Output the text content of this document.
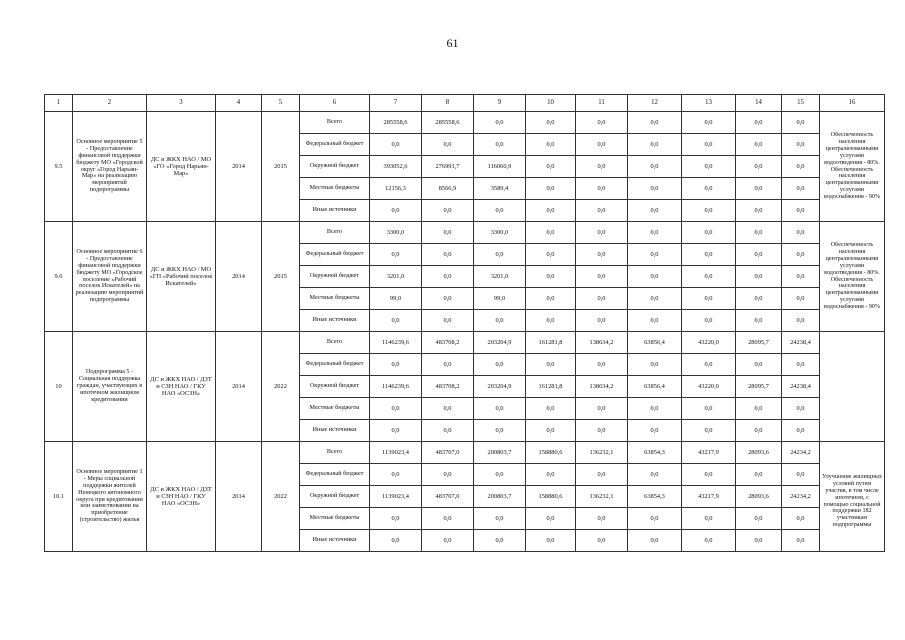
61
1	2	3	4	5	6	7	8	9	10	11	12	13	14	15	16
9.5	Основное мероприятие 5 - Предоставление финансовой поддержки бюджету МО «Городской округ «Город Нарьян-Мар» на реализацию мероприятий подпрограммы	ДС и ЖКХ НАО / МО «ГО «Город Нарьян-Мар»	2014	2015	Всего	285558,6	285558,6	0,0	0,0	0,0	0,0	0,0	0,0	0,0	Обеспеченность населения централизованными услугами водоотведения - 80%. Обеспеченность населения централизованными услугами водоснабжения - 90%
					Федеральный бюджет	0,0	0,0	0,0	0,0	0,0	0,0	0,0	0,0	0,0	
					Окружной бюджет	393052,6	276991,7	116060,9	0,0	0,0	0,0	0,0	0,0	0,0	
					Местные бюджеты	12156,3	8566,9	3589,4	0,0	0,0	0,0	0,0	0,0	0,0	
					Иные источники	0,0	0,0	0,0	0,0	0,0	0,0	0,0	0,0	0,0	
9.6	Основное мероприятие 6 - Предоставление финансовой поддержки бюджету МО «Городское поселение «Рабочий поселок Искателей» на реализацию мероприятий подпрограммы	ДС и ЖКХ НАО / МО «ГП «Рабочий поселок Искателей»	2014	2015	Всего	3300,0	0,0	3300,0	0,0	0,0	0,0	0,0	0,0	0,0	Обеспеченность населения централизованными услугами водоотведения - 80%. Обеспеченность населения централизованными услугами водоснабжения - 90%
					Федеральный бюджет	0,0	0,0	0,0	0,0	0,0	0,0	0,0	0,0	0,0	
					Окружной бюджет	3201,0	0,0	3201,0	0,0	0,0	0,0	0,0	0,0	0,0	
					Местные бюджеты	99,0	0,0	99,0	0,0	0,0	0,0	0,0	0,0	0,0	
					Иные источники	0,0	0,0	0,0	0,0	0,0	0,0	0,0	0,0	0,0	
10	Подпрограмма 5 - Социальная поддержка граждан, участвующих в ипотечном жилищном кредитовании	ДС и ЖКХ НАО / ДЗТ и СЗН НАО / ГКУ НАО «ОСЗН»	2014	2022	Всего	1146239,6	483708,2	203204,9	161281,8	138634,2	63856,4	43220,0	28095,7	24238,4	
					Федеральный бюджет	0,0	0,0	0,0	0,0	0,0	0,0	0,0	0,0	0,0	
					Окружной бюджет	1146239,6	483708,2	203204,9	161281,8	138634,2	63856,4	43220,0	28095,7	24238,4	
					Местные бюджеты	0,0	0,0	0,0	0,0	0,0	0,0	0,0	0,0	0,0	
					Иные источники	0,0	0,0	0,0	0,0	0,0	0,0	0,0	0,0	0,0	
10.1	Основное мероприятие 1 - Меры социальной поддержки жителей Ненецкого автономного округа при кредитовании или заимствовании на приобретение (строительство) жилья	ДС и ЖКХ НАО / ДЗТ и СЗН НАО / ГКУ НАО «ОСЗН»	2014	2022	Всего	1139023,4	483707,0	200803,7	158880,6	136232,1	63854,3	43217,9	28093,6	24234,2	Улучшение жилищных условий путем участия, в том числе ипотечном, с помощью социальной поддержки 182 участникам подпрограммы
					Федеральный бюджет	0,0	0,0	0,0	0,0	0,0	0,0	0,0	0,0	0,0	
					Окружной бюджет	1139023,4	483707,0	200803,7	158880,6	136232,1	63854,3	43217,9	28093,6	24234,2	
					Местные бюджеты	0,0	0,0	0,0	0,0	0,0	0,0	0,0	0,0	0,0	
					Иные источники	0,0	0,0	0,0	0,0	0,0	0,0	0,0	0,0	0,0	
